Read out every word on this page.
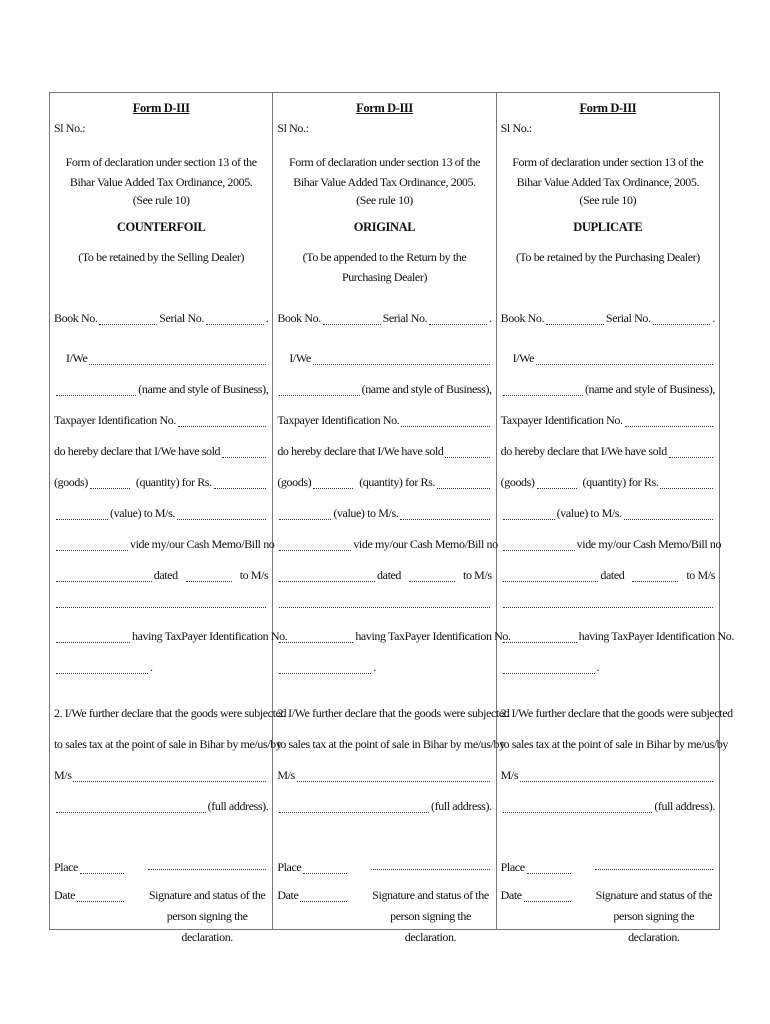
Form D-III
Sl No.:
Form of declaration under section 13 of the Bihar Value Added Tax Ordinance, 2005.
(See rule 10)
COUNTERFOIL
(To be retained by the Selling Dealer)
Book No.	Serial No.	.
I/We
(name and style of Business),
Taxpayer Identification No.
do hereby declare that I/We have sold
(goods)	(quantity) for Rs.
(value) to M/s.
vide my/our Cash Memo/Bill no
dated	to M/s
having TaxPayer Identification No.
.
2. I/We further declare that the goods were subjected
to sales tax at the point of sale in Bihar by me/us/by
M/s
(full address).
Place
Date	Signature and status of the person signing the declaration.
Form D-III
Sl No.:
Form of declaration under section 13 of the Bihar Value Added Tax Ordinance, 2005.
(See rule 10)
ORIGINAL
(To be appended to the Return by the Purchasing Dealer)
Book No.	Serial No.	.
I/We
(name and style of Business),
Taxpayer Identification No.
do hereby declare that I/We have sold
(goods)	(quantity) for Rs.
(value) to M/s.
vide my/our Cash Memo/Bill no
dated	to M/s
having TaxPayer Identification No.
.
2. I/We further declare that the goods were subjected
to sales tax at the point of sale in Bihar by me/us/by
M/s
(full address).
Place
Date	Signature and status of the person signing the declaration.
Form D-III
Sl No.:
Form of declaration under section 13 of the Bihar Value Added Tax Ordinance, 2005.
(See rule 10)
DUPLICATE
(To be retained by the Purchasing Dealer)
Book No.	Serial No.	.
I/We
(name and style of Business),
Taxpayer Identification No.
do hereby declare that I/We have sold
(goods)	(quantity) for Rs.
(value) to M/s.
vide my/our Cash Memo/Bill no
dated	to M/s
having TaxPayer Identification No.
.
2. I/We further declare that the goods were subjected
to sales tax at the point of sale in Bihar by me/us/by
M/s
(full address).
Place
Date	Signature and status of the person signing the declaration.
